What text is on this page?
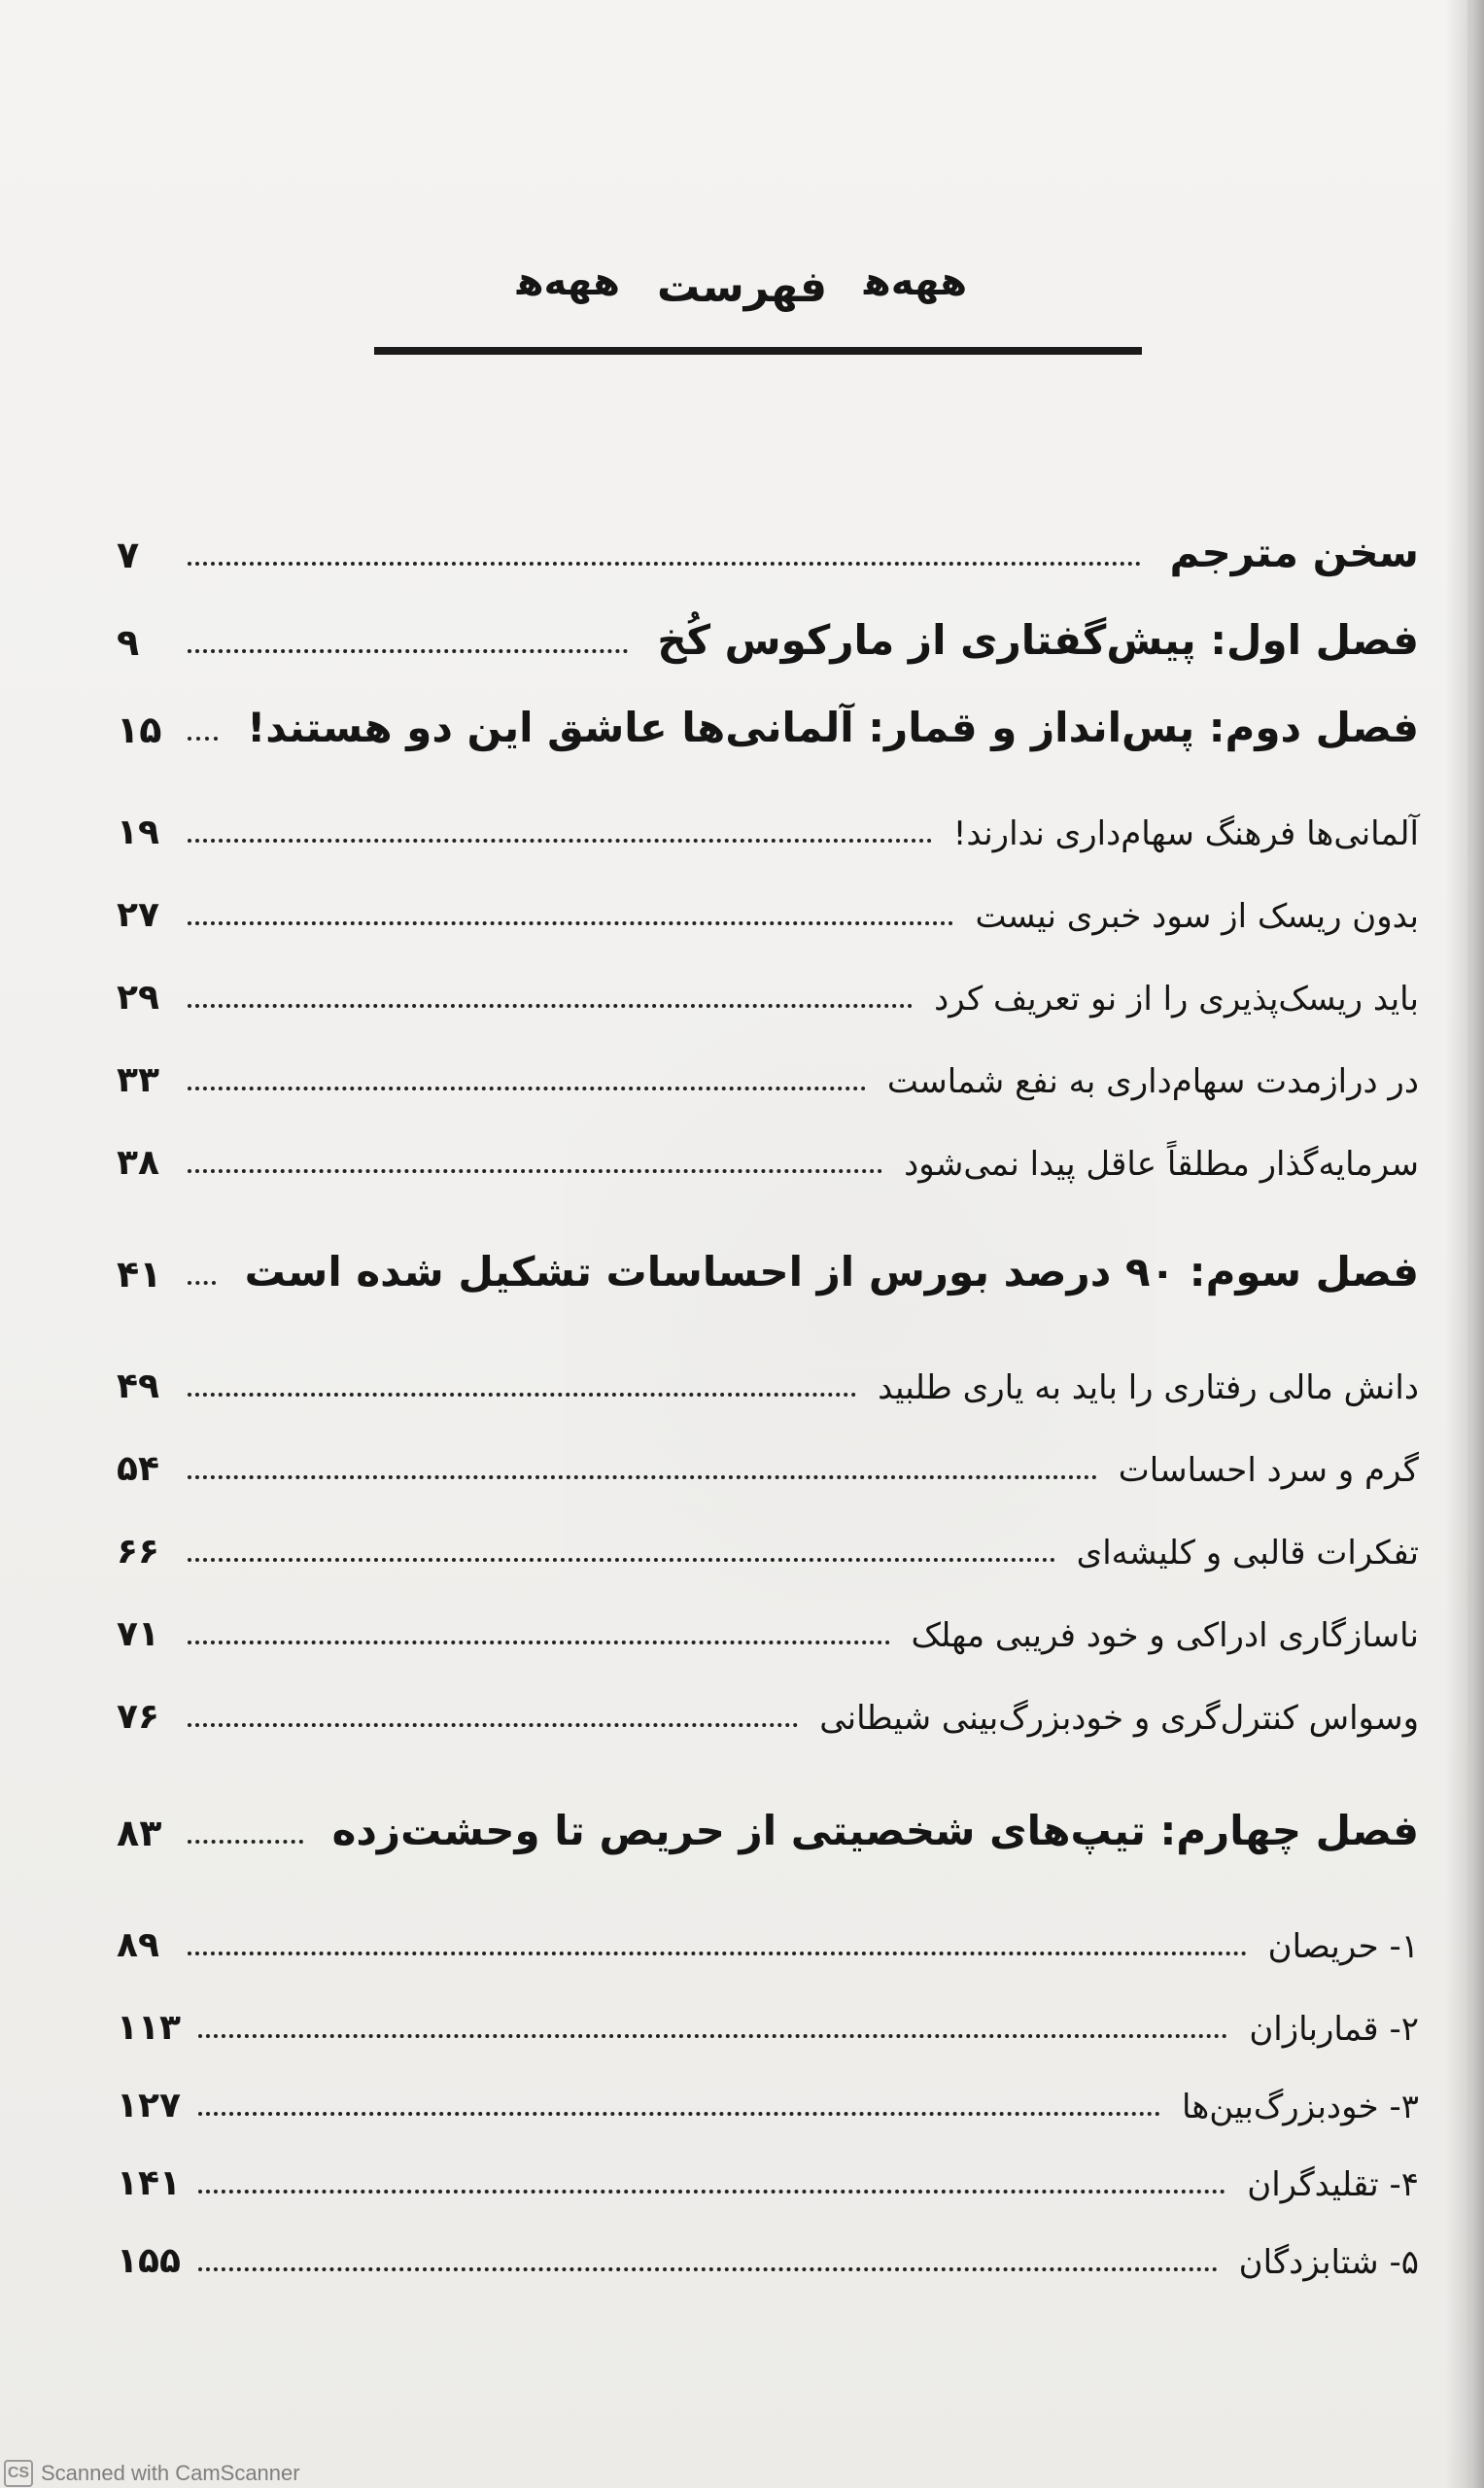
ﻫﻬﻪﻫ
فهرست
ﻫﻬﻪﻫ
سخن مترجم
۷
فصل اول: پیش‌گفتاری از مارکوس کُخ
۹
فصل دوم: پس‌انداز و قمار: آلمانی‌ها عاشق این دو هستند!
۱۵
آلمانی‌ها فرهنگ سهام‌داری ندارند!
۱۹
بدون ریسک از سود خبری نیست
۲۷
باید ریسک‌پذیری را از نو تعریف کرد
۲۹
در درازمدت سهام‌داری به نفع شماست
۳۳
سرمایه‌گذار مطلقاً عاقل پیدا نمی‌شود
۳۸
فصل سوم: ۹۰ درصد بورس از احساسات تشکیل شده است
۴۱
دانش مالی رفتاری را باید به یاری طلبید
۴۹
گرم و سرد احساسات
۵۴
تفکرات قالبی و کلیشه‌ای
۶۶
ناسازگاری ادراکی و خود فریبی مهلک
۷۱
وسواس کنترل‌گری و خودبزرگ‌بینی شیطانی
۷۶
فصل چهارم: تیپ‌های شخصیتی از حریص تا وحشت‌زده
۸۳
۱- حریصان
۸۹
۲- قماربازان
۱۱۳
۳- خودبزرگ‌بین‌ها
۱۲۷
۴- تقلیدگران
۱۴۱
۵- شتابزدگان
۱۵۵
CS Scanned with CamScanner
